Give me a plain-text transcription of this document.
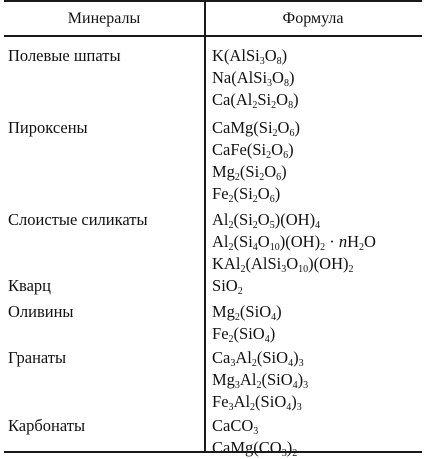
Минералы	Формула
Полевые шпаты	$K(AlSi_3O_8)$
$Na(AlSi_3O_8)$
$Ca(Al_2Si_2O_8)$
Пироксены	$CaMg(Si_2O_6)$
$CaFe(Si_2O_6)$
$Mg_2(Si_2O_6)$
$Fe_2(Si_2O_6)$
Слоистые силикаты	$Al_2(Si_2O_5)(OH)_4$
$Al_2(Si_4O_{10})(OH)_2 \cdot nH_2O$
$KAl_2(AlSi_3O_{10})(OH)_2$
Кварц	SiO$_2$
Оливины	$Mg_2(SiO_4)$
$Fe_2(SiO_4)$
Гранаты	$Ca_3Al_2(SiO_4)_3$
$Mg_3Al_2(SiO_4)_3$
$Fe_3Al_2(SiO_4)_3$
Карбонаты	CaCO$_3$
$CaMg(CO_3)_2$
